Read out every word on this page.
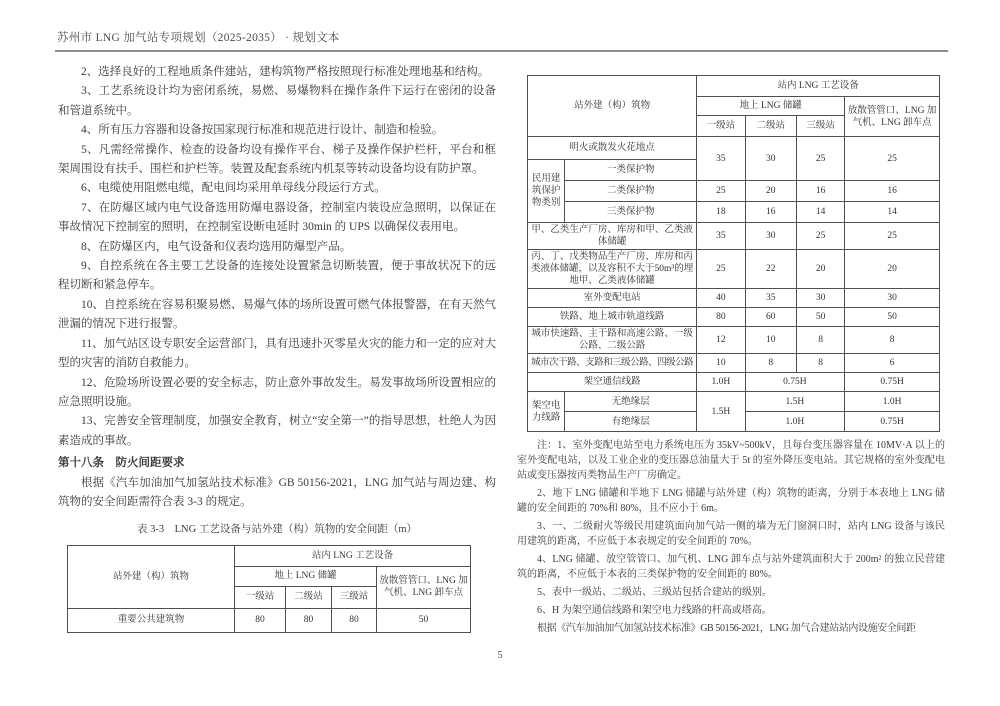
苏州市 LNG 加气站专项规划（2025-2035） · 规划文本

2、选择良好的工程地质条件建站，建构筑物严格按照现行标准处理地基和结构。

3、工艺系统设计均为密闭系统，易燃、易爆物料在操作条件下运行在密闭的设备和管道系统中。

4、所有压力容器和设备按国家现行标准和规范进行设计、制造和检验。

5、凡需经常操作、检查的设备均设有操作平台、梯子及操作保护栏杆，平台和框架周围设有扶手、围栏和护栏等。装置及配套系统内机泵等转动设备均设有防护罩。

6、电缆使用阻燃电缆，配电间均采用单母线分段运行方式。

7、在防爆区域内电气设备选用防爆电器设备，控制室内装设应急照明，以保证在事故情况下控制室的照明，在控制室设断电延时 30min 的 UPS 以确保仪表用电。

8、在防爆区内，电气设备和仪表均选用防爆型产品。

9、自控系统在各主要工艺设备的连接处设置紧急切断装置，便于事故状况下的远程切断和紧急停车。

10、自控系统在容易积聚易燃、易爆气体的场所设置可燃气体报警器，在有天然气泄漏的情况下进行报警。

11、加气站区设专职安全运营部门，具有迅速扑灭零星火灾的能力和一定的应对大型的灾害的消防自救能力。

12、危险场所设置必要的安全标志，防止意外事故发生。易发事故场所设置相应的应急照明设施。

13、完善安全管理制度，加强安全教育，树立“安全第一”的指导思想，杜绝人为因素造成的事故。

第十八条　防火间距要求

根据《汽车加油加气加氢站技术标准》GB 50156-2021，LNG 加气站与周边建、构筑物的安全间距需符合表 3-3 的规定。

表 3-3　LNG 工艺设备与站外建（构）筑物的安全间距（m）
站外建（构）筑物	站内 LNG 工艺设备			
	地上 LNG 储罐			放散管管口、LNG 加气机、LNG 卸车点
	一级站	二级站	三级站	
重要公共建筑物	80	80	80	50
站外建（构）筑物		站内 LNG 工艺设备			
		地上 LNG 储罐			放散管管口、LNG 加气机、LNG 卸车点
		一级站	二级站	三级站	
明火或散发火花地点		35	30	25	25
民用建筑保护物类别	一类保护物				
	二类保护物	25	20	16	16
	三类保护物	18	16	14	14
甲、乙类生产厂房、库房和甲、乙类液体储罐		35	30	25	25
丙、丁、戊类物品生产厂房、库房和丙类液体储罐，以及容积不大于50m³的埋地甲、乙类液体储罐		25	22	20	20
室外变配电站		40	35	30	30
铁路、地上城市轨道线路		80	60	50	50
城市快速路、主干路和高速公路、一级公路、二级公路		12	10	8	8
城市次干路、支路和三级公路、四级公路		10	8	8	6
架空通信线路		1.0H	0.75H		0.75H
架空电力线路	无绝缘层	1.5H	1.5H		1.0H
	有绝缘层		1.0H		0.75H

注：1、室外变配电站至电力系统电压为 35kV~500kV，且每台变压器容量在 10MV·A 以上的室外变配电站，以及工业企业的变压器总油量大于 5t 的室外降压变电站。其它规格的室外变配电站或变压器按丙类物品生产厂房确定。

2、地下 LNG 储罐和半地下 LNG 储罐与站外建（构）筑物的距离，分别于本表地上 LNG 储罐的安全间距的 70%和 80%，且不应小于 6m。

3、一、二级耐火等级民用建筑面向加气站一侧的墙为无门窗洞口时，站内 LNG 设备与该民用建筑的距离，不应低于本表规定的安全间距的 70%。

4、LNG 储罐、放空管管口、加气机、LNG 卸车点与站外建筑面积大于 200m² 的独立民营建筑的距离，不应低于本表的三类保护物的安全间距的 80%。

5、表中一级站、二级站、三级站包括合建站的级别。

6、H 为架空通信线路和架空电力线路的杆高或塔高。

根据《汽车加油加气加氢站技术标准》GB 50156-2021，LNG 加气合建站站内设施安全间距

5
